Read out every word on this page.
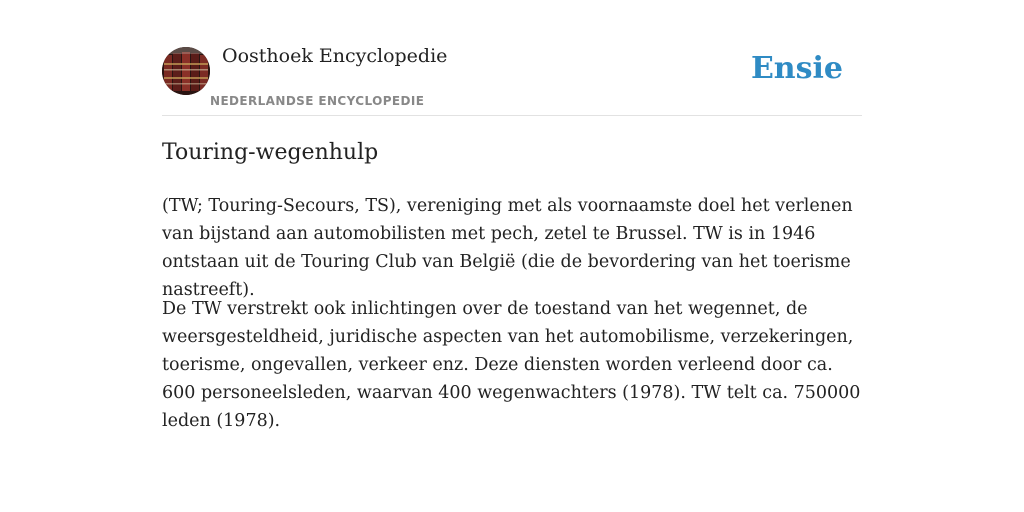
Oosthoek Encyclopedie
NEDERLANDSE ENCYCLOPEDIE
Ensie
Touring-wegenhulp

(TW; Touring-Secours, TS), vereniging met als voornaamste doel het verlenen van bijstand aan automobilisten met pech, zetel te Brussel. TW is in 1946 ontstaan uit de Touring Club van België (die de bevordering van het toerisme nastreeft).

De TW verstrekt ook inlichtingen over de toestand van het wegennet, de weersgesteldheid, juridische aspecten van het automobilisme, verzekeringen, toerisme, ongevallen, verkeer enz. Deze diensten worden verleend door ca. 600 personeelsleden, waarvan 400 wegenwachters (1978). TW telt ca. 750000 leden (1978).
